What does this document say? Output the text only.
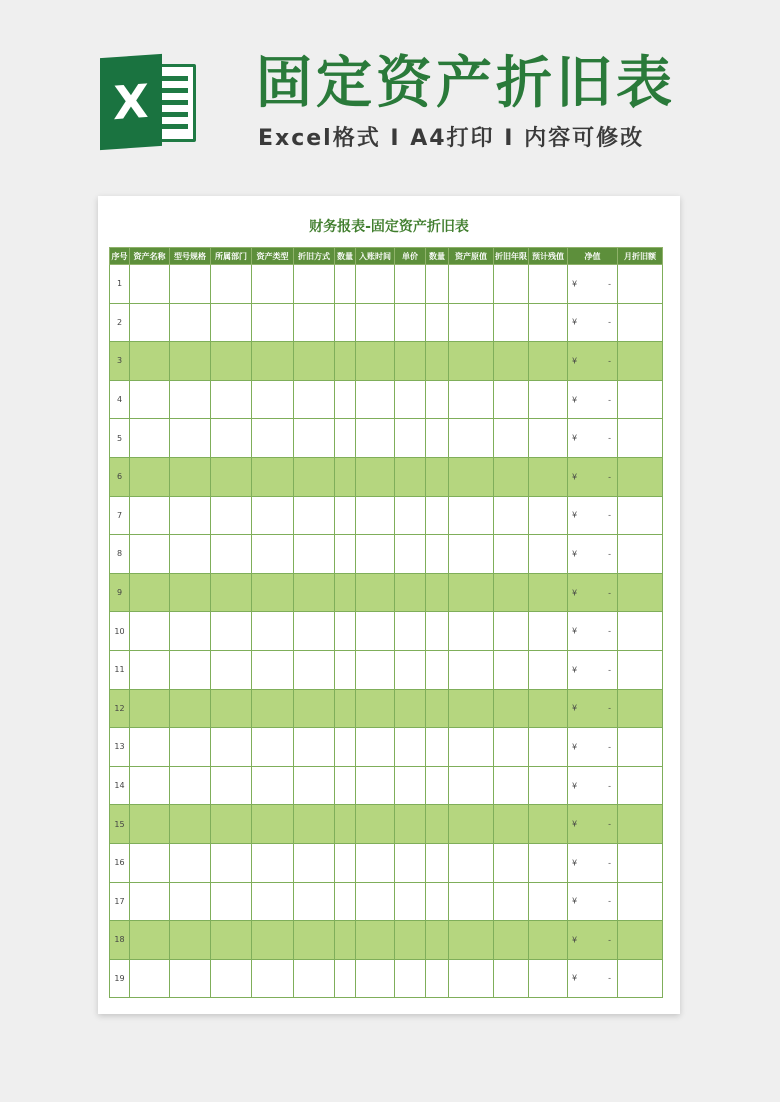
X 固定资产折旧表

Excel格式 I A4打印 I 内容可修改

财务报表-固定资产折旧表
序号	资产名称	型号规格	所属部门	资产类型	折旧方式	数量	入账时间	单价	数量	资产原值	折旧年限	预计残值	净值	月折旧额
1													¥ -	

2													¥ -	

3													¥ -	

4													¥ -	

5													¥ -	

6													¥ -	

7													¥ -	

8													¥ -	

9													¥ -	

10													¥ -	

11													¥ -	

12													¥ -	

13													¥ -	

14													¥ -	

15													¥ -	

16													¥ -	

17													¥ -	

18													¥ -	

19													¥ -	
